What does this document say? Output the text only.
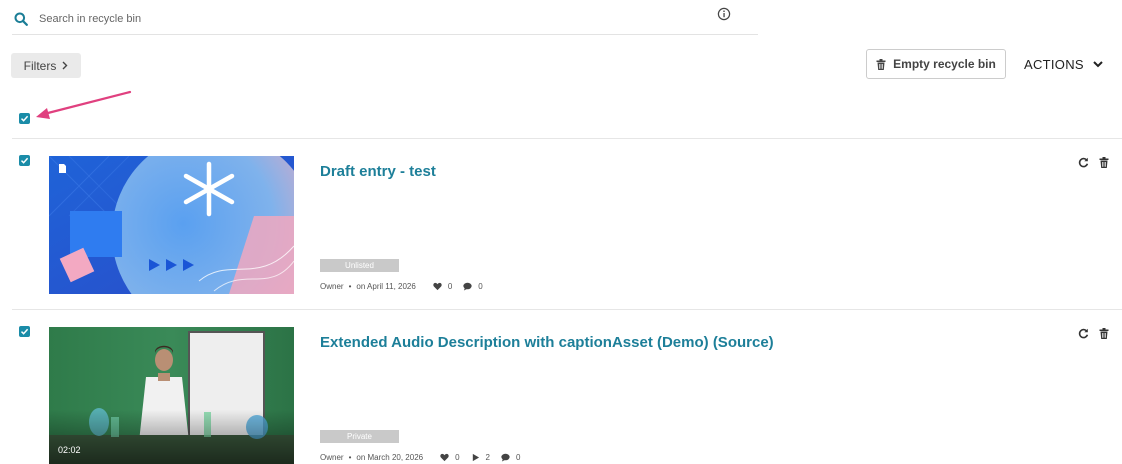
Search in recycle bin
Filters	Empty recycle bin ACTIONS
Draft entry - test
Unlisted
Owner • on April 11, 2026	0	0
02:02
Extended Audio Description with captionAsset (Demo) (Source)
Private
Owner • on March 20, 2026	0	2	0
